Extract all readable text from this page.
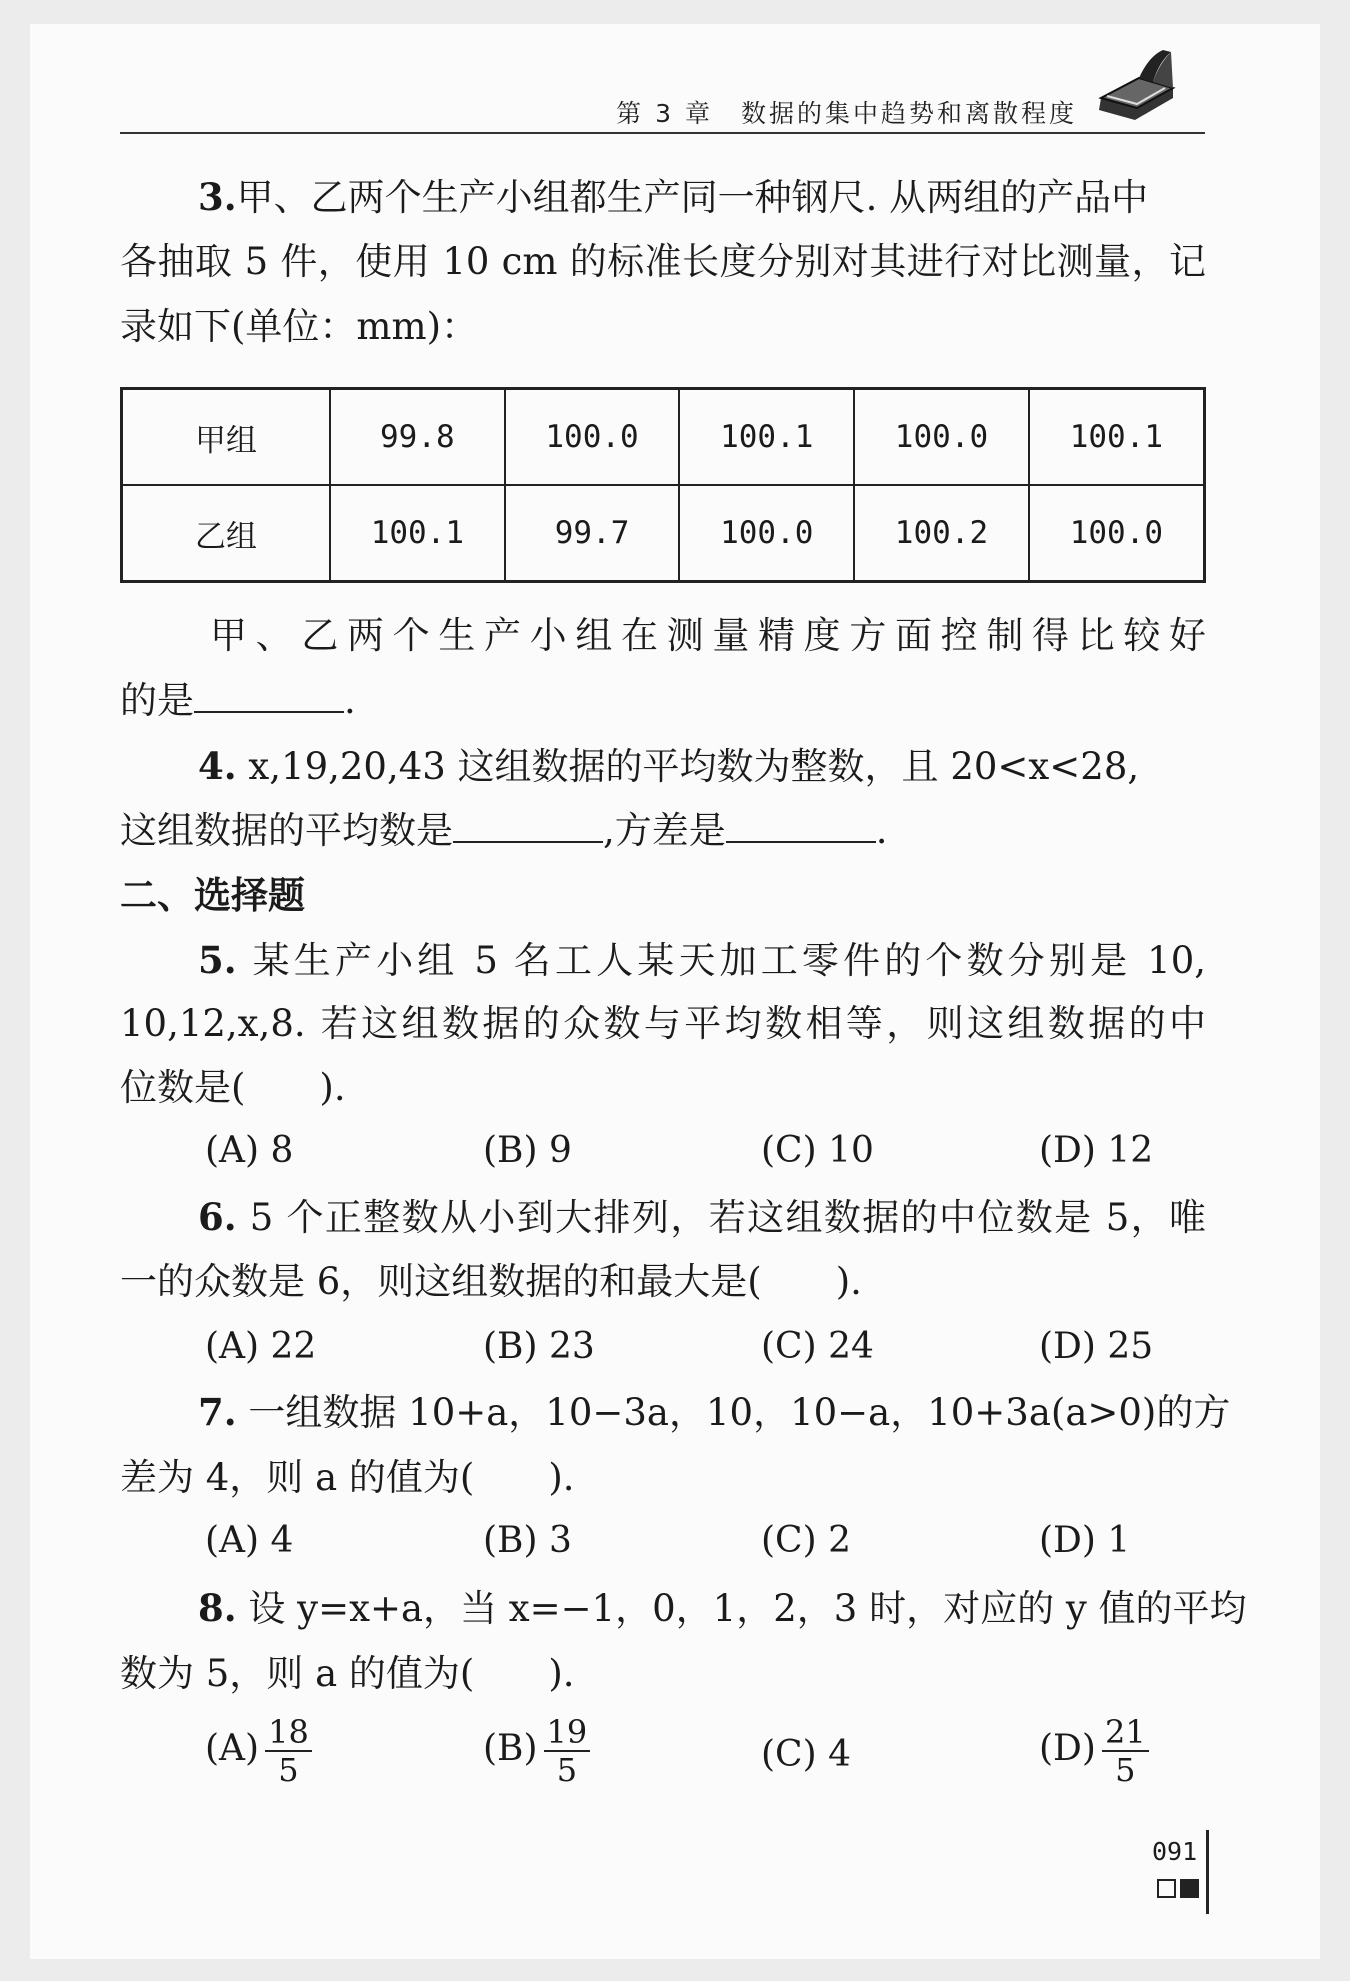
第 3 章　 数据的集中趋势和离散程度
3.甲、乙两个生产小组都生产同一种钢尺. 从两组的产品中
各抽取 5 件，使用 10 cm 的标准长度分别对其进行对比测量，记
录如下(单位：mm)：
甲组	99.8	100.0	100.1	100.0	100.1
乙组	100.1	99.7	100.0	100.2	100.0
甲、乙两个生产小组在测量精度方面控制得比较好
的是	.
4. x,19,20,43 这组数据的平均数为整数，且 20<x<28,
这组数据的平均数是	,方差是	.
二、选择题
5. 某生产小组 5 名工人某天加工零件的个数分别是 10,
10,12,x,8. 若这组数据的众数与平均数相等，则这组数据的中
位数是(　　).
(A) 8	(B) 9	(C) 10	(D) 12
6. 5 个正整数从小到大排列，若这组数据的中位数是 5，唯
一的众数是 6，则这组数据的和最大是(　　).
(A) 22	(B) 23	(C) 24	(D) 25
7. 一组数据 10+a，10−3a，10，10−a，10+3a(a>0)的方
差为 4，则 a 的值为(　　).
(A) 4	(B) 3	(C) 2	(D) 1
8. 设 y=x+a，当 x=−1，0，1，2，3 时，对应的 y 值的平均
数为 5，则 a 的值为(　　).
$(A) \frac{18}{5}$	$(B) \frac{19}{5}$	(C) 4	$(D) \frac{21}{5}$
091
